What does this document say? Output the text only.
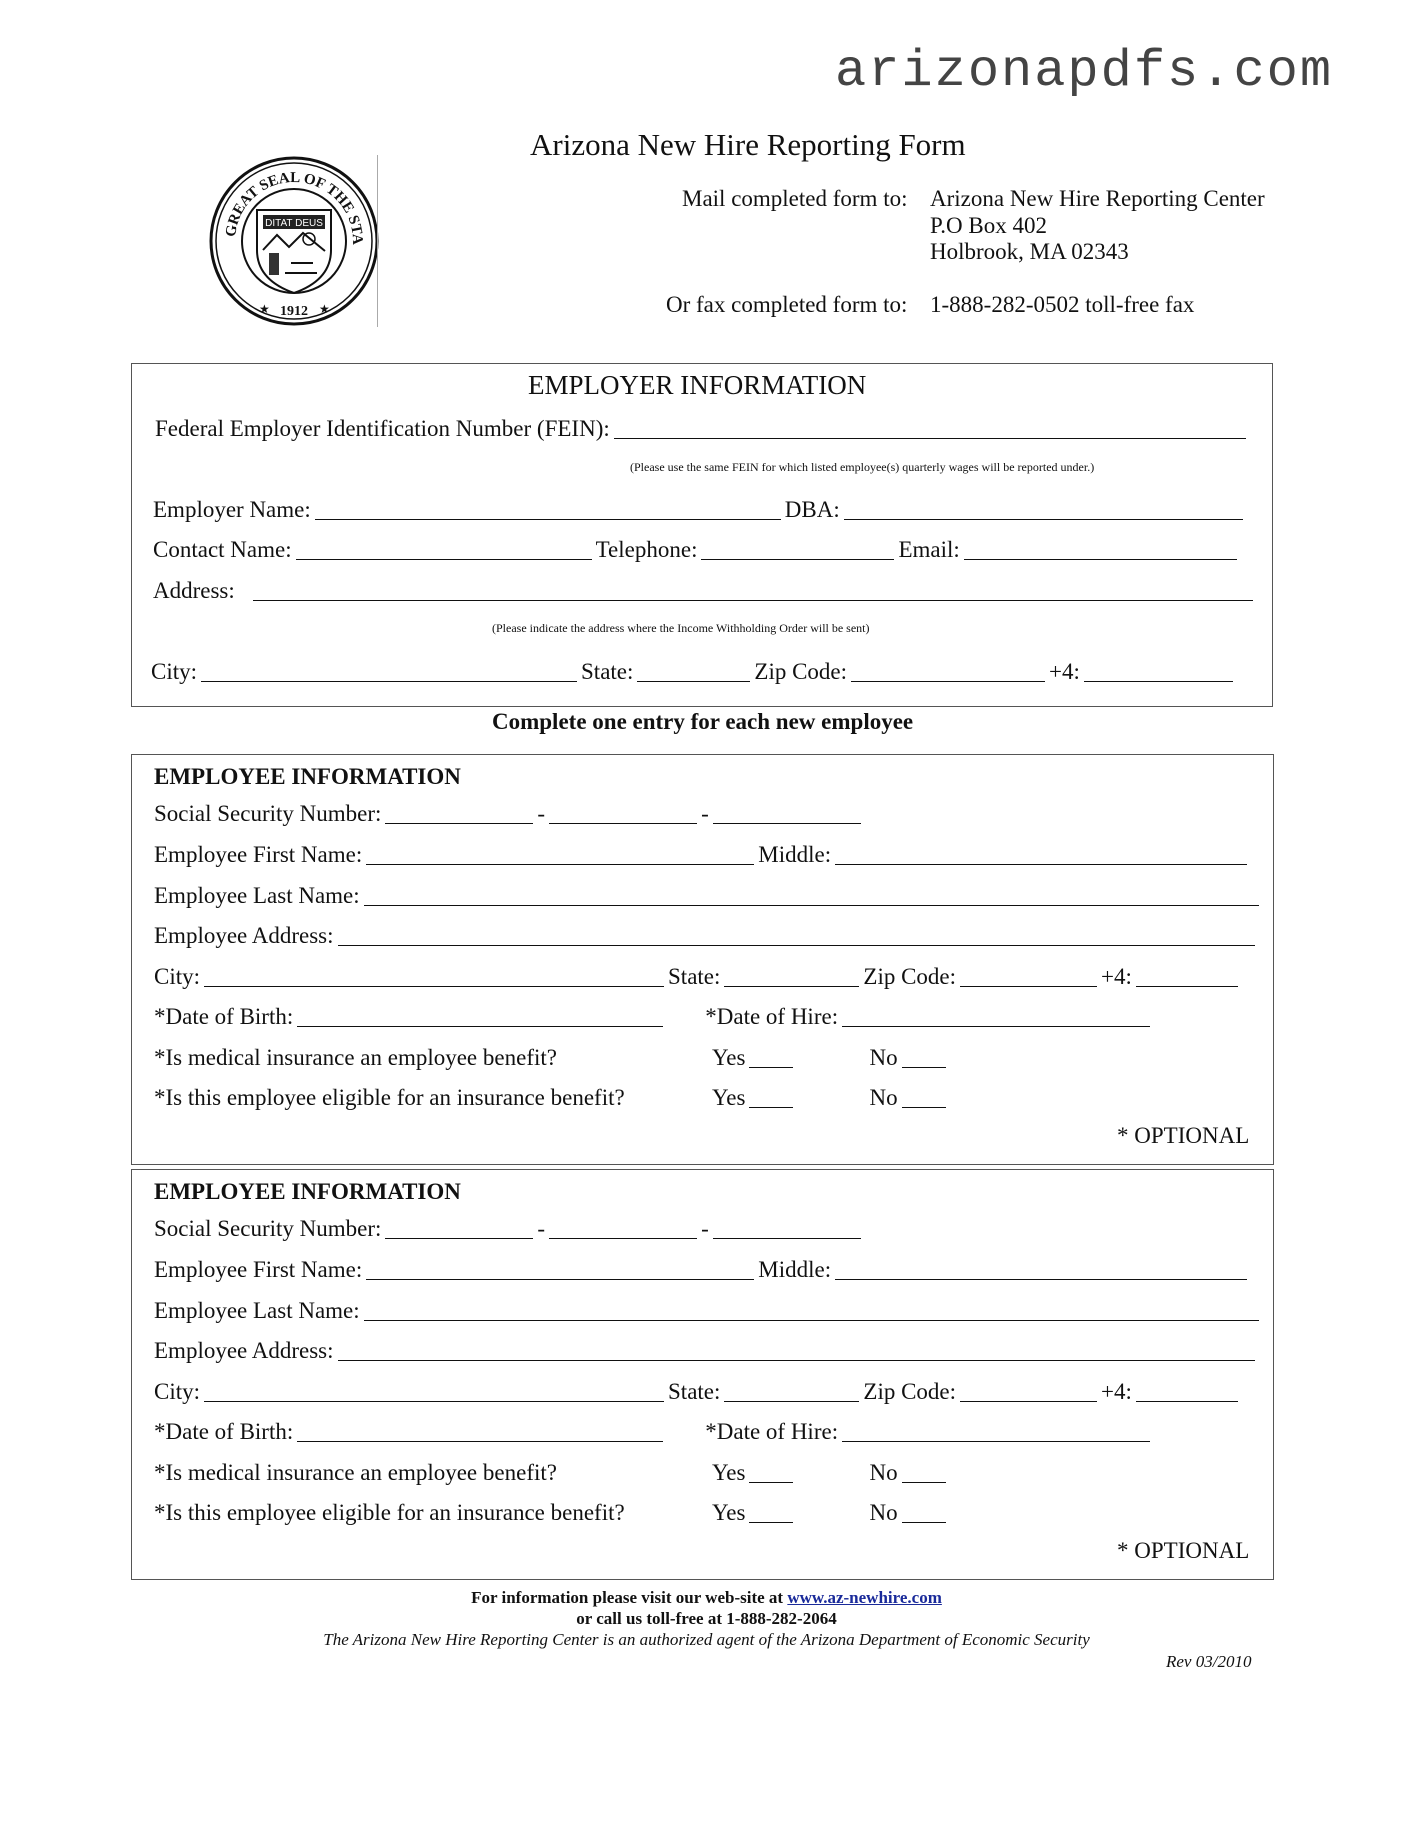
arizonapdfs.com
GREAT SEAL OF THE STA
DITAT DEUS
1912
★	★
Arizona New Hire Reporting Form
Mail completed form to: Arizona New Hire Reporting Center
P.O Box 402
Holbrook, MA 02343
Or fax completed form to: 1-888-282-0502 toll-free fax
EMPLOYER INFORMATION
Federal Employer Identification Number (FEIN):
(Please use the same FEIN for which listed employee(s) quarterly wages will be reported under.)
Employer Name:	DBA:
Contact Name:	Telephone:	Email:
Address:
(Please indicate the address where the Income Withholding Order will be sent)
City:	State:	Zip Code:	+4:
Complete one entry for each new employee
EMPLOYEE INFORMATION
Social Security Number:	-	-
Employee First Name:	Middle:
Employee Last Name:
Employee Address:
City:	State:	Zip Code:	+4:
*Date of Birth:	*Date of Hire:
*Is medical insurance an employee benefit?	Yes	No
*Is this employee eligible for an insurance benefit?	Yes	No
* OPTIONAL
EMPLOYEE INFORMATION
Social Security Number:	-	-
Employee First Name:	Middle:
Employee Last Name:
Employee Address:
City:	State:	Zip Code:	+4:
*Date of Birth:	*Date of Hire:
*Is medical insurance an employee benefit?	Yes	No
*Is this employee eligible for an insurance benefit?	Yes	No
* OPTIONAL
For information please visit our web-site at www.az-newhire.com
or call us toll-free at 1-888-282-2064
The Arizona New Hire Reporting Center is an authorized agent of the Arizona Department of Economic Security
Rev 03/2010
